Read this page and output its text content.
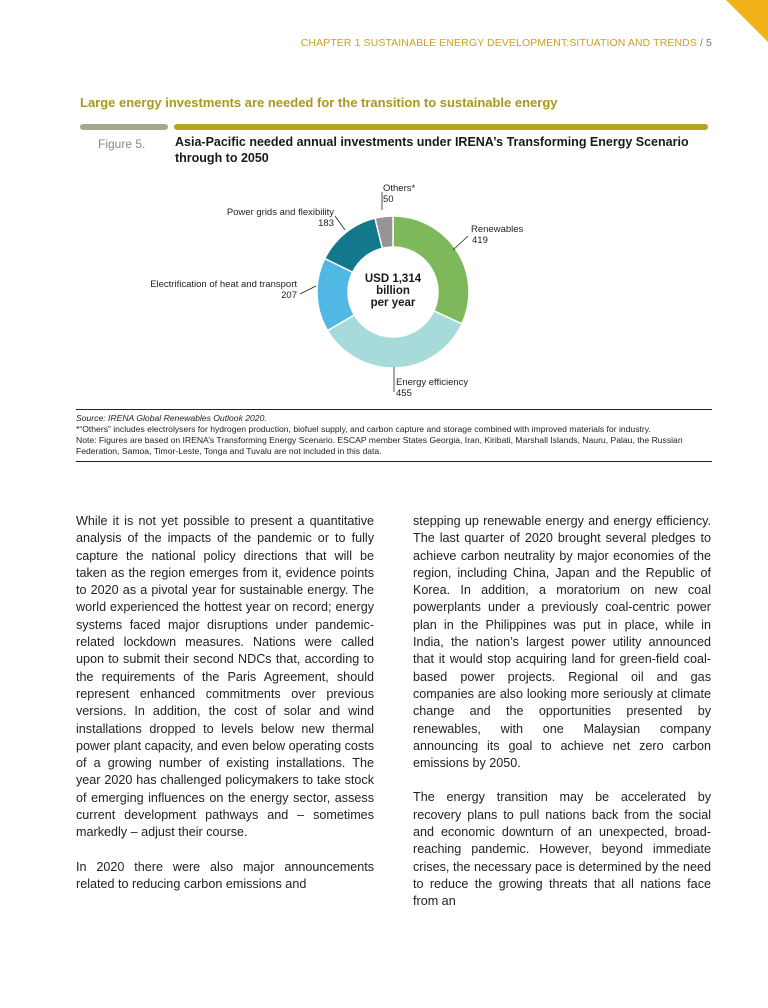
CHAPTER 1 SUSTAINABLE ENERGY DEVELOPMENT:SITUATION AND TRENDS / 5

Large energy investments are needed for the transition to sustainable energy

Figure 5. Asia-Pacific needed annual investments under IRENA’s Transforming Energy Scenario through to 2050
Others*
50
Renewables
419
Power grids and flexibility
183
Electrification of heat and transport
207
Energy efficiency
455
USD 1,314
billion
per year

Source: IRENA Global Renewables Outlook 2020.

*“Others” includes electrolysers for hydrogen production, biofuel supply, and carbon capture and storage combined with improved materials for industry.

Note: Figures are based on IRENA’s Transforming Energy Scenario. ESCAP member States Georgia, Iran, Kiribati, Marshall Islands, Nauru, Palau, the Russian Federation, Samoa, Timor-Leste, Tonga and Tuvalu are not included in this data.

While it is not yet possible to present a quantitative analysis of the impacts of the pandemic or to fully capture the national policy directions that will be taken as the region emerges from it, evidence points to 2020 as a pivotal year for sustainable energy. The world experienced the hottest year on record; energy systems faced major disruptions under pandemic-related lockdown measures. Nations were called upon to submit their second NDCs that, according to the requirements of the Paris Agreement, should represent enhanced commitments over previous versions. In addition, the cost of solar and wind installations dropped to levels below new thermal power plant capacity, and even below operating costs of a growing number of existing installations. The year 2020 has challenged policymakers to take stock of emerging influences on the energy sector, assess current development pathways and – sometimes markedly – adjust their course.

In 2020 there were also major announcements related to reducing carbon emissions and

stepping up renewable energy and energy efficiency. The last quarter of 2020 brought several pledges to achieve carbon neutrality by major economies of the region, including China, Japan and the Republic of Korea. In addition, a moratorium on new coal powerplants under a previously coal-centric power plan in the Philippines was put in place, while in India, the nation’s largest power utility announced that it would stop acquiring land for green-field coal-based power projects. Regional oil and gas companies are also looking more seriously at climate change and the opportunities presented by renewables, with one Malaysian company announcing its goal to achieve net zero carbon emissions by 2050.

The energy transition may be accelerated by recovery plans to pull nations back from the social and economic downturn of an unexpected, broad-reaching pandemic. However, beyond immediate crises, the necessary pace is determined by the need to reduce the growing threats that all nations face from an
